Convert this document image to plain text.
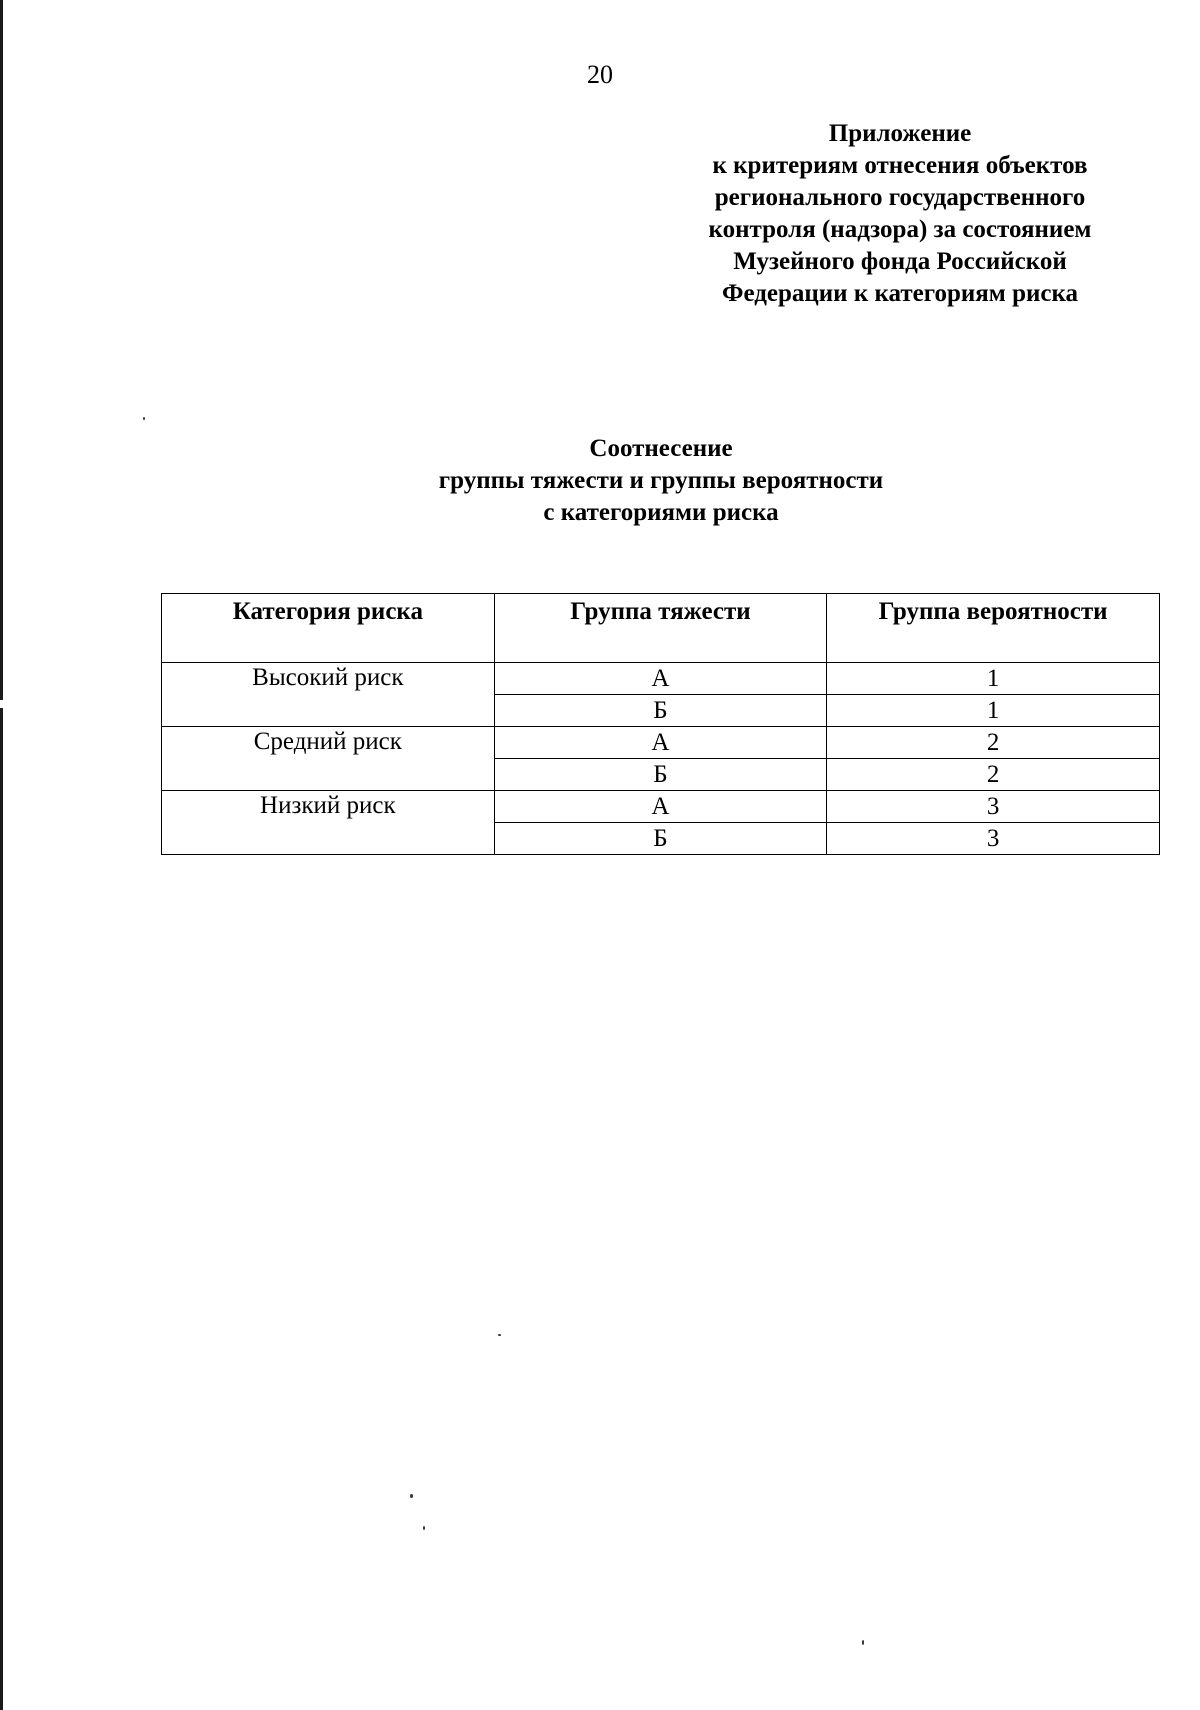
20
Приложение
к критериям отнесения объектов
регионального государственного
контроля (надзора) за состоянием
Музейного фонда Российской
Федерации к категориям риска
Соотнесение
группы тяжести и группы вероятности
с категориями риска
Категория риска	Группа тяжести	Группа вероятности
Высокий риск	А	1
	Б	1
Средний риск	А	2
	Б	2
Низкий риск	А	3
	Б	3
